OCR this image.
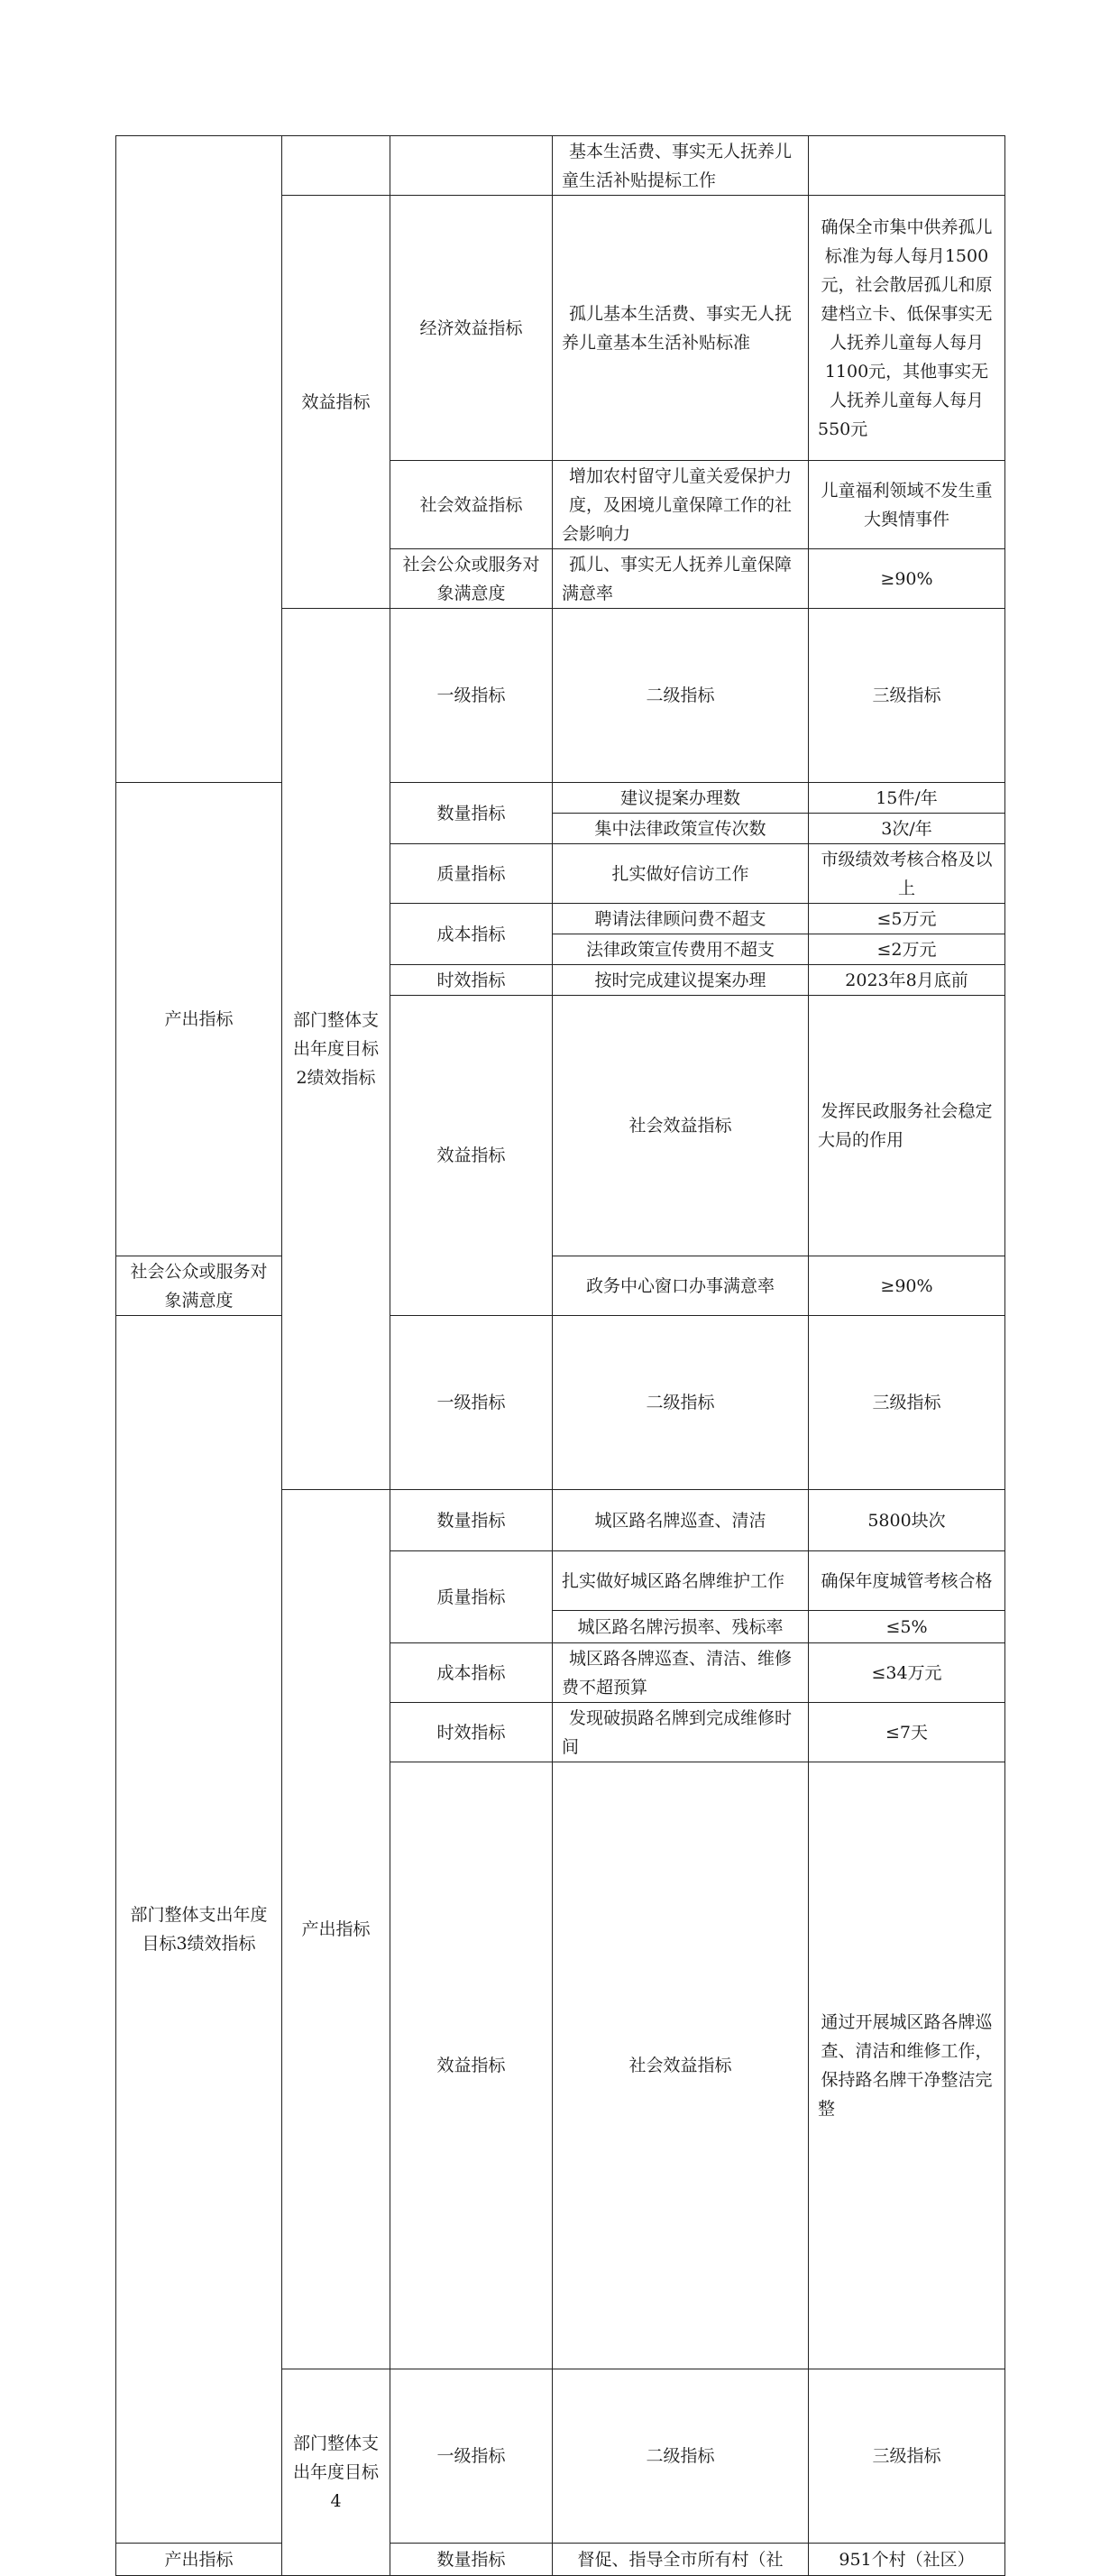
			基本生活费、事实无人抚养儿童生活补贴提标工作		
	效益指标	经济效益指标	孤儿基本生活费、事实无人抚养儿童基本生活补贴标准	确保全市集中供养孤儿标准为每人每月1500元，社会散居孤儿和原建档立卡、低保事实无人抚养儿童每人每月1100元，其他事实无人抚养儿童每人每月550元	
		社会效益指标	增加农村留守儿童关爱保护力度，及困境儿童保障工作的社会影响力	儿童福利领域不发生重大舆情事件	
		社会公众或服务对象满意度	孤儿、事实无人抚养儿童保障满意率	≥90%	
	部门整体支出年度目标2绩效指标	一级指标	二级指标	三级指标	
产出指标		数量指标	建议提案办理数	15件/年	
			集中法律政策宣传次数	3次/年	
		质量指标	扎实做好信访工作	市级绩效考核合格及以上	
		成本指标	聘请法律顾问费不超支	≤5万元	
			法律政策宣传费用不超支	≤2万元	
		时效指标	按时完成建议提案办理	2023年8月底前	
		效益指标	社会效益指标	发挥民政服务社会稳定大局的作用	
社会公众或服务对象满意度			政务中心窗口办事满意率	≥90%	
部门整体支出年度目标3绩效指标		一级指标	二级指标	三级指标	
	产出指标	数量指标	城区路名牌巡查、清洁	5800块次	
		质量指标	扎实做好城区路名牌维护工作	确保年度城管考核合格	
			城区路名牌污损率、残标率	≤5%	
		成本指标	城区路各牌巡查、清洁、维修费不超预算	≤34万元	
		时效指标	发现破损路名牌到完成维修时间	≤7天	
		效益指标	社会效益指标	通过开展城区路各牌巡查、清洁和维修工作，保持路名牌干净整洁完整	
	部门整体支出年度目标4	一级指标	二级指标	三级指标	
产出指标		数量指标	督促、指导全市所有村（社	951个村（社区）	
